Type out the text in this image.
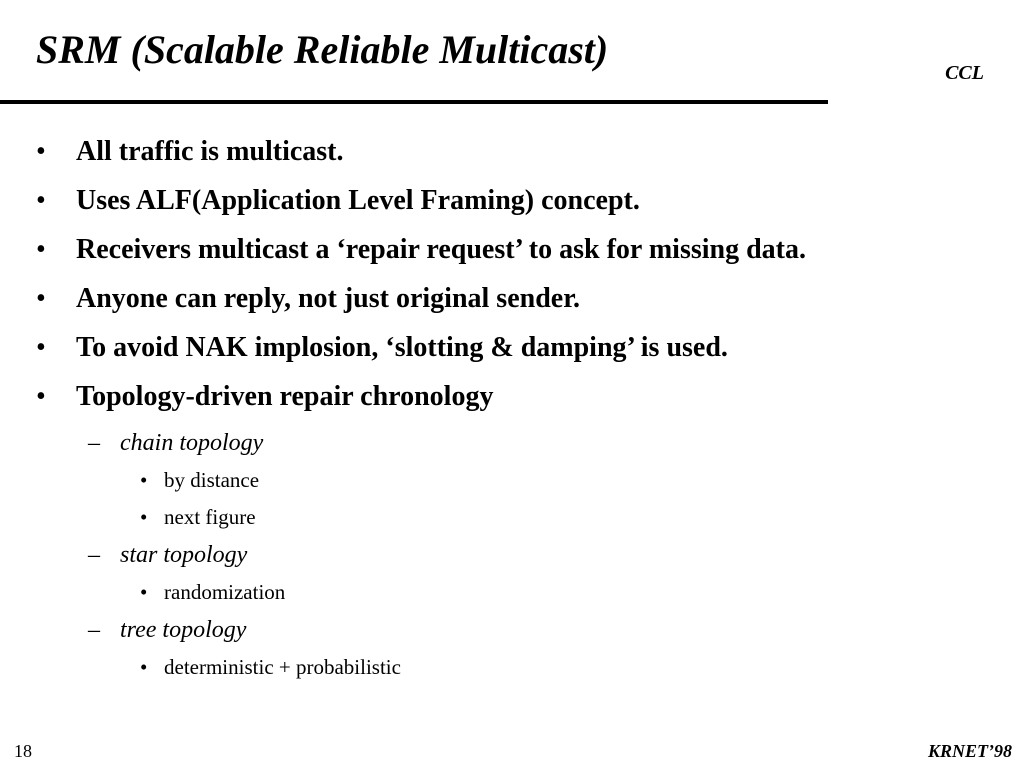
SRM (Scalable Reliable Multicast)
CCL
•	All traffic is multicast.
•	Uses ALF(Application Level Framing) concept.
•	Receivers multicast a ‘repair request’ to ask for missing data.
•	Anyone can reply, not just original sender.
•	To avoid NAK implosion, ‘slotting & damping’ is used.
•	Topology-driven repair chronology
– chain topology
• by distance
• next figure
– star topology
• randomization
– tree topology
• deterministic + probabilistic
18	KRNET’98
